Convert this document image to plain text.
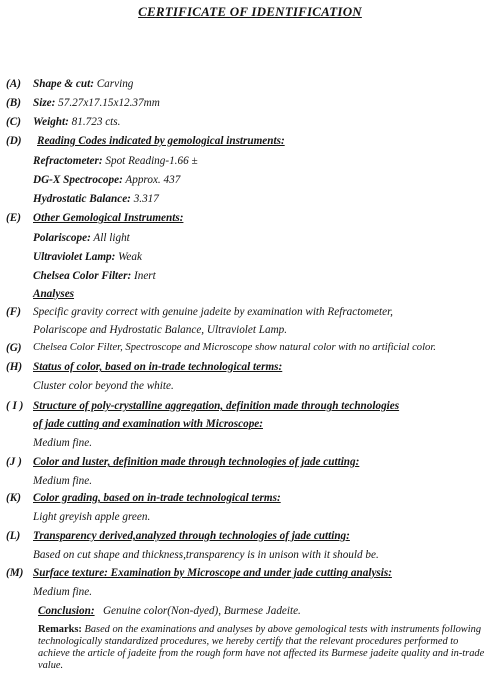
CERTIFICATE OF IDENTIFICATION
(A) Shape & cut: Carving
(B) Size: 57.27x17.15x12.37mm
(C) Weight: 81.723 cts.
(D) Reading Codes indicated by gemological instruments:
Refractometer: Spot Reading-1.66 ±
DG-X Spectrocope: Approx. 437
Hydrostatic Balance: 3.317
(E) Other Gemological Instruments:
Polariscope: All light
Ultraviolet Lamp: Weak
Chelsea Color Filter: Inert
Analyses
(F) Specific gravity correct with genuine jadeite by examination with Refractometer,
Polariscope and Hydrostatic Balance, Ultraviolet Lamp.
(G) Chelsea Color Filter, Spectroscope and Microscope show natural color with no artificial color.
(H) Status of color, based on in-trade technological terms:
Cluster color beyond the white.
( I ) Structure of poly-crystalline aggregation, definition made through technologies
of jade cutting and examination with Microscope:
Medium fine.
(J ) Color and luster, definition made through technologies of jade cutting:
Medium fine.
(K) Color grading, based on in-trade technological terms:
Light greyish apple green.
(L) Transparency derived,analyzed through technologies of jade cutting:
Based on cut shape and thickness,transparency is in unison with it should be.
(M) Surface texture: Examination by Microscope and under jade cutting analysis:
Medium fine.
Conclusion: Genuine color(Non-dyed), Burmese Jadeite.
Remarks: Based on the examinations and analyses by above gemological tests with instruments following technologically standardized procedures, we hereby certify that the relevant procedures performed to achieve the article of jadeite from the rough form have not affected its Burmese jadeite quality and in-trade value.
